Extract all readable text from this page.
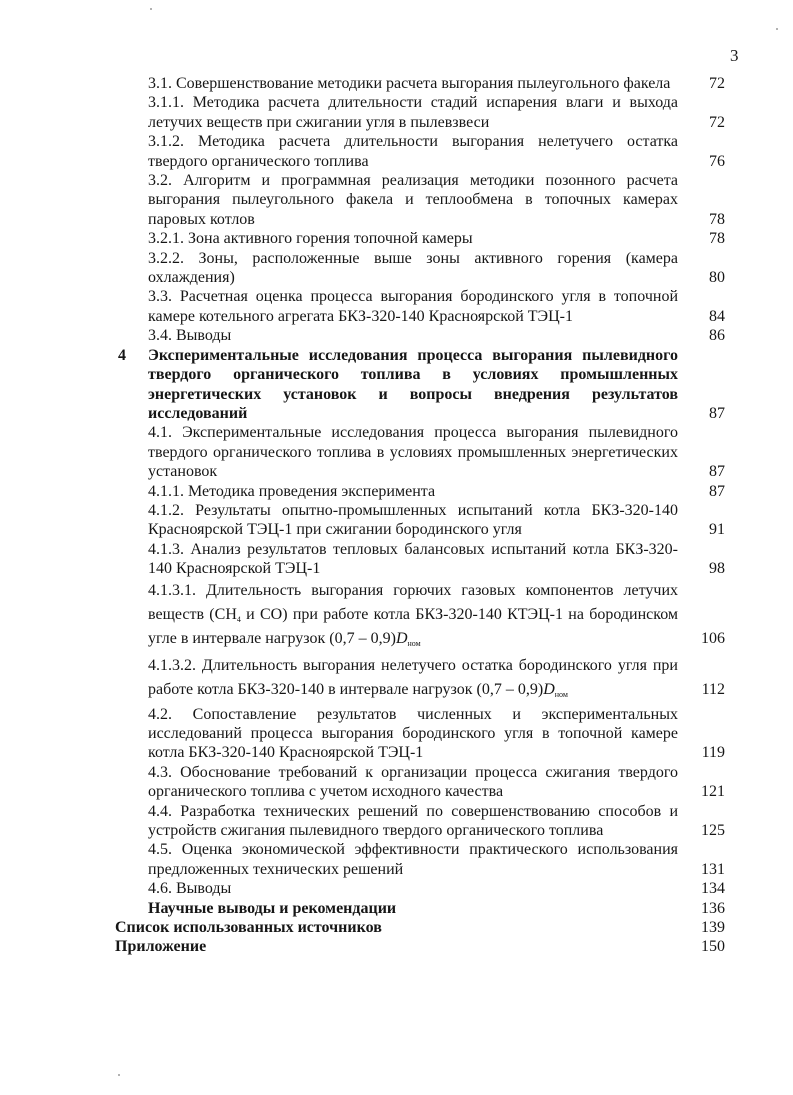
3
3.1. Совершенствование методики расчета выгорания пылеугольного факела	72
3.1.1. Методика расчета длительности стадий испарения влаги и выхода летучих веществ при сжигании угля в пылевзвеси	72
3.1.2. Методика расчета длительности выгорания нелетучего остатка твердого органического топлива	76
3.2. Алгоритм и программная реализация методики позонного расчета выгорания пылеугольного факела и теплообмена в топочных камерах паровых котлов	78
3.2.1. Зона активного горения топочной камеры	78
3.2.2. Зоны, расположенные выше зоны активного горения (камера охлаждения)	80
3.3. Расчетная оценка процесса выгорания бородинского угля в топочной камере котельного агрегата БКЗ-320-140 Красноярской ТЭЦ-1	84
3.4. Выводы	86
4 Экспериментальные исследования процесса выгорания пылевидного твердого органического топлива в условиях промышленных энергетических установок и вопросы внедрения результатов исследований	87
4.1. Экспериментальные исследования процесса выгорания пылевидного твердого органического топлива в условиях промышленных энергетических установок	87
4.1.1. Методика проведения эксперимента	87
4.1.2. Результаты опытно-промышленных испытаний котла БКЗ-320-140 Красноярской ТЭЦ-1 при сжигании бородинского угля	91
4.1.3. Анализ результатов тепловых балансовых испытаний котла БКЗ-320-140 Красноярской ТЭЦ-1	98
4.1.3.1. Длительность выгорания горючих газовых компонентов летучих веществ ($CH_4$ и CO) при работе котла БКЗ-320-140 КТЭЦ-1 на бородинском угле в интервале нагрузок $(0,7 - 0,9)D_{ном}$	106
4.1.3.2. Длительность выгорания нелетучего остатка бородинского угля при работе котла БКЗ-320-140 в интервале нагрузок $(0,7 - 0,9)D_{ном}$	112
4.2. Сопоставление результатов численных и экспериментальных исследований процесса выгорания бородинского угля в топочной камере котла БКЗ-320-140 Красноярской ТЭЦ-1	119
4.3. Обоснование требований к организации процесса сжигания твердого органического топлива с учетом исходного качества	121
4.4. Разработка технических решений по совершенствованию способов и устройств сжигания пылевидного твердого органического топлива	125
4.5. Оценка экономической эффективности практического использования предложенных технических решений	131
4.6. Выводы	134
Научные выводы и рекомендации	136
Список использованных источников	139
Приложение	150
